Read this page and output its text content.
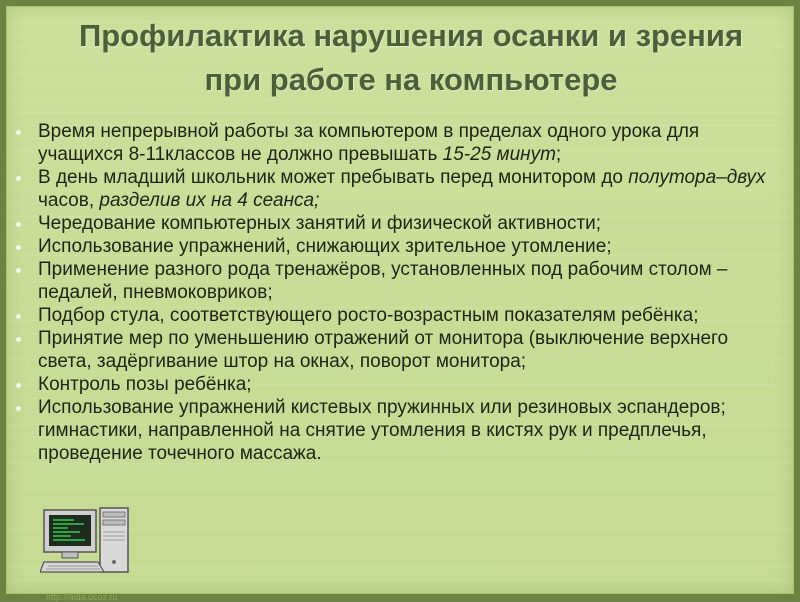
Профилактика нарушения осанки и зрения при работе на компьютере
Время непрерывной работы за компьютером в пределах одного урока для учащихся 8-11классов не должно превышать 15-25 минут;
В день младший школьник может пребывать перед монитором до полутора–двух часов, разделив их на 4 сеанса;
Чередование компьютерных занятий и физической активности;
Использование упражнений, снижающих зрительное утомление;
Применение разного рода тренажёров, установленных под рабочим столом – педалей, пневмоковриков;
Подбор стула, соответствующего росто-возрастным показателям ребёнка;
Принятие мер по уменьшению отражений от монитора (выключение верхнего света, задёргивание штор на окнах, поворот монитора;
Контроль позы ребёнка;
Использование упражнений кистевых пружинных или резиновых эспандеров; гимнастики, направленной на снятие утомления в кистях рук и предплечья, проведение точечного массажа.
http://aida.ucoz.ru
